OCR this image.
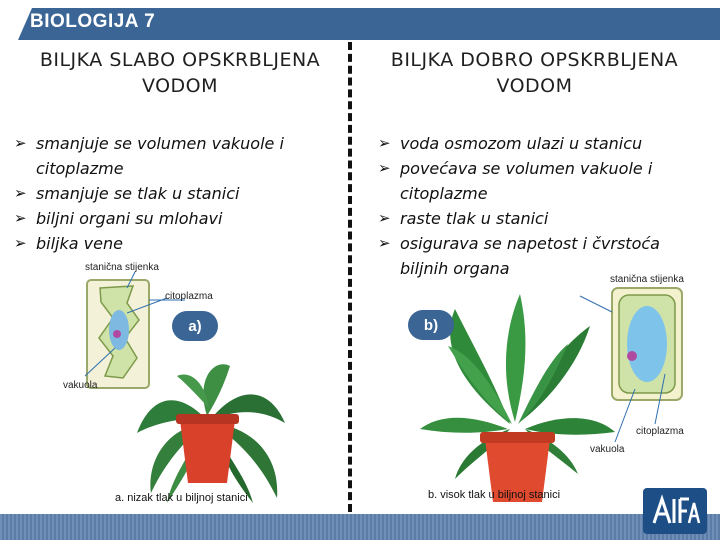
BIOLOGIJA 7
BILJKA SLABO OPSKRBLJENA VODOM
➢ smanjuje se volumen vakuole i citoplazme
➢ smanjuje se tlak u stanici
➢ biljni organi su mlohavi
➢ biljka vene
BILJKA DOBRO OPSKRBLJENA VODOM
➢ voda osmozom ulazi u stanicu
➢ povećava se volumen vakuole i citoplazme
➢ raste tlak u stanici
➢ osigurava se napetost i čvrstoća biljnih organa
stanična stijenka
citoplazma
vakuola
a)
a. nizak tlak u biljnoj stanici
stanična stijenka
citoplazma
vakuola
b)
b. visok tlak u biljnoj stanici
